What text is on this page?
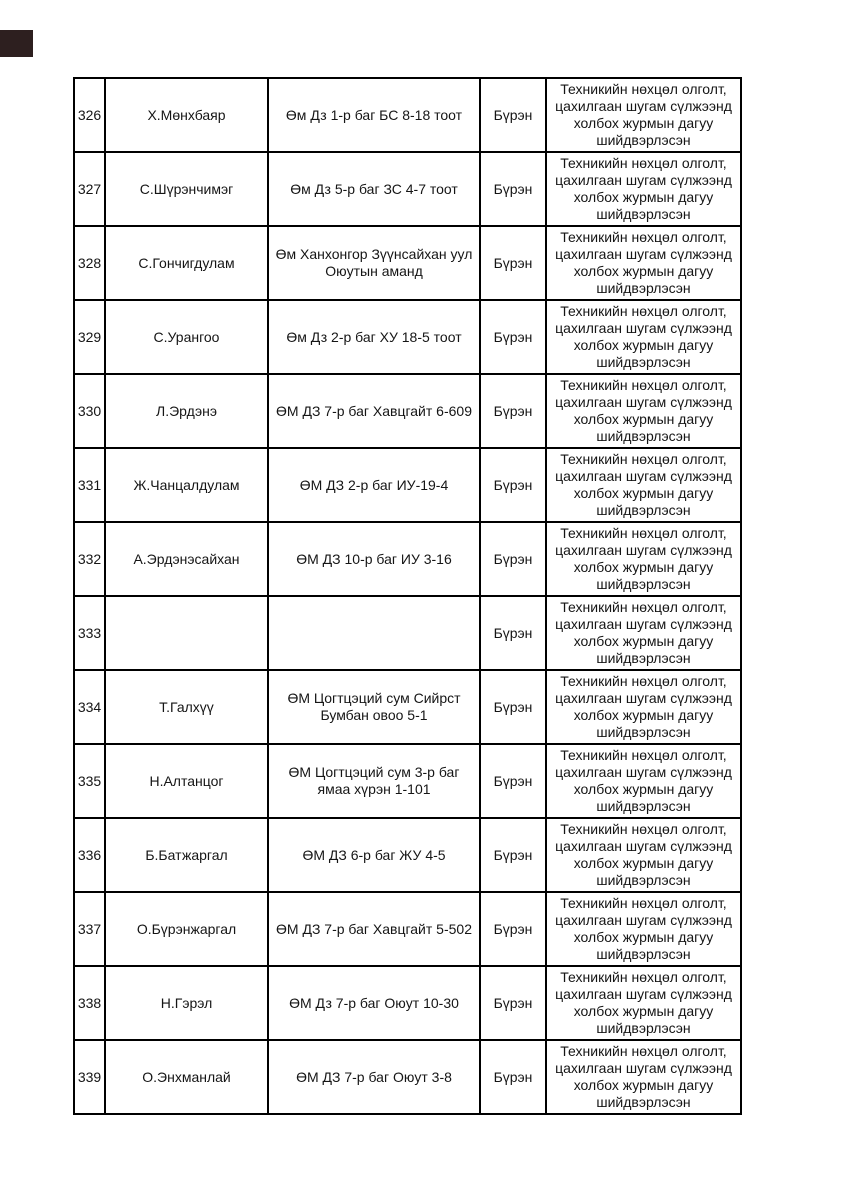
326	Х.Мөнхбаяр	Өм Дз 1-р баг БС 8-18 тоот	Бүрэн	Техникийн нөхцөл олголт, цахилгаан шугам сүлжээнд холбох журмын дагуу шийдвэрлэсэн
327	С.Шүрэнчимэг	Өм Дз 5-р баг ЗС 4-7 тоот	Бүрэн	Техникийн нөхцөл олголт, цахилгаан шугам сүлжээнд холбох журмын дагуу шийдвэрлэсэн
328	С.Гончигдулам	Өм Ханхонгор Зүүнсайхан уул Оюутын аманд	Бүрэн	Техникийн нөхцөл олголт, цахилгаан шугам сүлжээнд холбох журмын дагуу шийдвэрлэсэн
329	С.Урангоо	Өм Дз 2-р баг ХУ 18-5 тоот	Бүрэн	Техникийн нөхцөл олголт, цахилгаан шугам сүлжээнд холбох журмын дагуу шийдвэрлэсэн
330	Л.Эрдэнэ	ӨМ ДЗ 7-р баг Хавцгайт 6-609	Бүрэн	Техникийн нөхцөл олголт, цахилгаан шугам сүлжээнд холбох журмын дагуу шийдвэрлэсэн
331	Ж.Чанцалдулам	ӨМ ДЗ 2-р баг ИУ-19-4	Бүрэн	Техникийн нөхцөл олголт, цахилгаан шугам сүлжээнд холбох журмын дагуу шийдвэрлэсэн
332	А.Эрдэнэсайхан	ӨМ ДЗ 10-р баг ИУ 3-16	Бүрэн	Техникийн нөхцөл олголт, цахилгаан шугам сүлжээнд холбох журмын дагуу шийдвэрлэсэн
333			Бүрэн	Техникийн нөхцөл олголт, цахилгаан шугам сүлжээнд холбох журмын дагуу шийдвэрлэсэн
334	Т.Галхүү	ӨМ Цогтцэций сум Сийрст Бумбан овоо 5-1	Бүрэн	Техникийн нөхцөл олголт, цахилгаан шугам сүлжээнд холбох журмын дагуу шийдвэрлэсэн
335	Н.Алтанцог	ӨМ Цогтцэций сум 3-р баг ямаа хүрэн 1-101	Бүрэн	Техникийн нөхцөл олголт, цахилгаан шугам сүлжээнд холбох журмын дагуу шийдвэрлэсэн
336	Б.Батжаргал	ӨМ ДЗ 6-р баг ЖУ 4-5	Бүрэн	Техникийн нөхцөл олголт, цахилгаан шугам сүлжээнд холбох журмын дагуу шийдвэрлэсэн
337	О.Бүрэнжаргал	ӨМ ДЗ 7-р баг Хавцгайт 5-502	Бүрэн	Техникийн нөхцөл олголт, цахилгаан шугам сүлжээнд холбох журмын дагуу шийдвэрлэсэн
338	Н.Гэрэл	ӨМ Дз 7-р баг Оюут 10-30	Бүрэн	Техникийн нөхцөл олголт, цахилгаан шугам сүлжээнд холбох журмын дагуу шийдвэрлэсэн
339	О.Энхманлай	ӨМ ДЗ 7-р баг Оюут 3-8	Бүрэн	Техникийн нөхцөл олголт, цахилгаан шугам сүлжээнд холбох журмын дагуу шийдвэрлэсэн
